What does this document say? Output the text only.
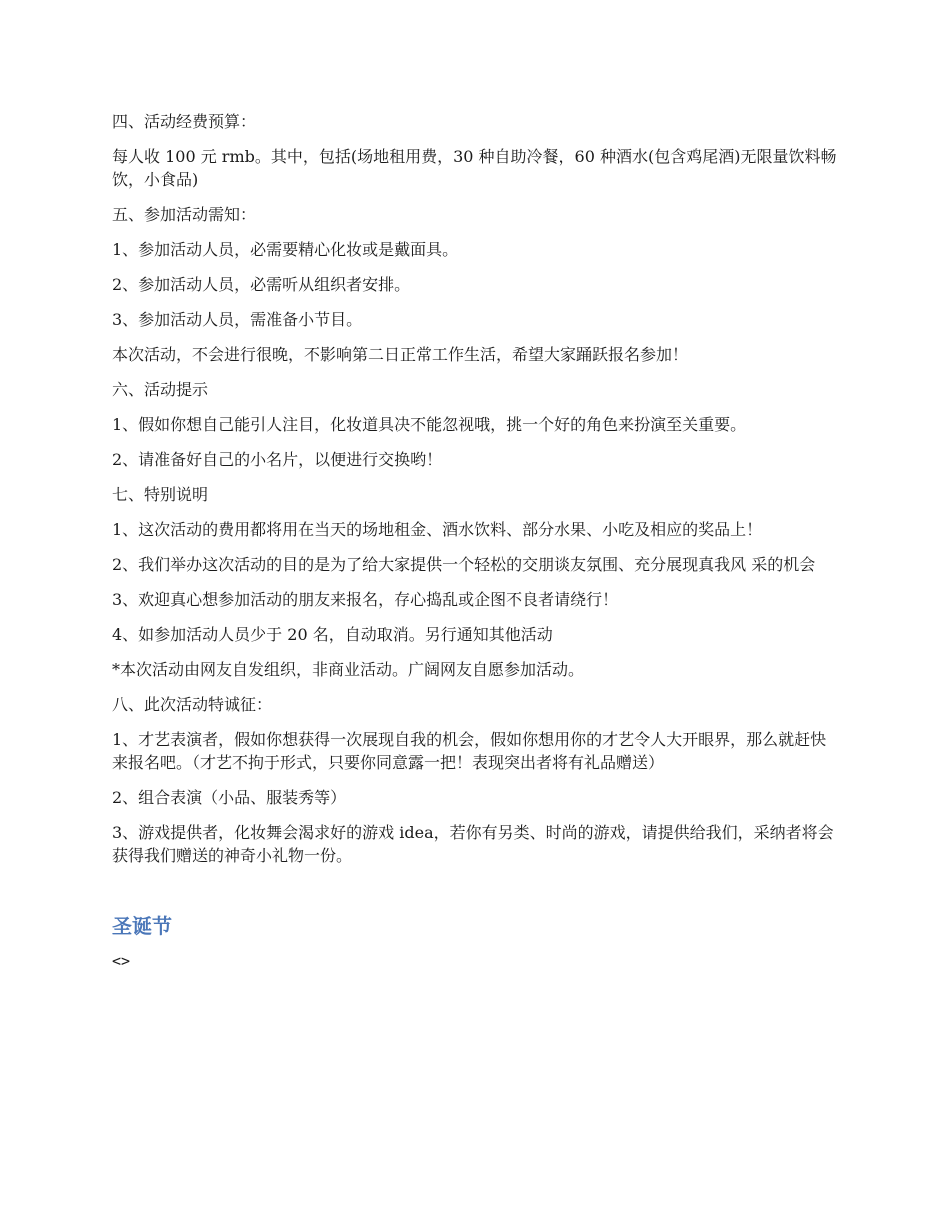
四、活动经费预算：

每人收 100 元 rmb。其中，包括(场地租用费，30 种自助冷餐，60 种酒水(包含鸡尾酒)无限量饮料畅饮，小食品)

五、参加活动需知：

1、参加活动人员，必需要精心化妆或是戴面具。

2、参加活动人员，必需听从组织者安排。

3、参加活动人员，需准备小节目。

本次活动，不会进行很晚，不影响第二日正常工作生活，希望大家踊跃报名参加！

六、活动提示

1、假如你想自己能引人注目，化妆道具决不能忽视哦，挑一个好的角色来扮演至关重要。

2、请准备好自己的小名片，以便进行交换哟！

七、特别说明

1、这次活动的费用都将用在当天的场地租金、酒水饮料、部分水果、小吃及相应的奖品上！

2、我们举办这次活动的目的是为了给大家提供一个轻松的交朋谈友氛围、充分展现真我风 采的机会

3、欢迎真心想参加活动的朋友来报名，存心捣乱或企图不良者请绕行！

4、如参加活动人员少于 20 名，自动取消。另行通知其他活动

*本次活动由网友自发组织，非商业活动。广阔网友自愿参加活动。

八、此次活动特诚征：

1、才艺表演者，假如你想获得一次展现自我的机会，假如你想用你的才艺令人大开眼界，那么就赶快来报名吧。（才艺不拘于形式，只要你同意露一把！表现突出者将有礼品赠送）

2、组合表演（小品、服装秀等）

3、游戏提供者，化妆舞会渴求好的游戏 idea，若你有另类、时尚的游戏，请提供给我们，采纳者将会获得我们赠送的神奇小礼物一份。

圣诞节
<>
